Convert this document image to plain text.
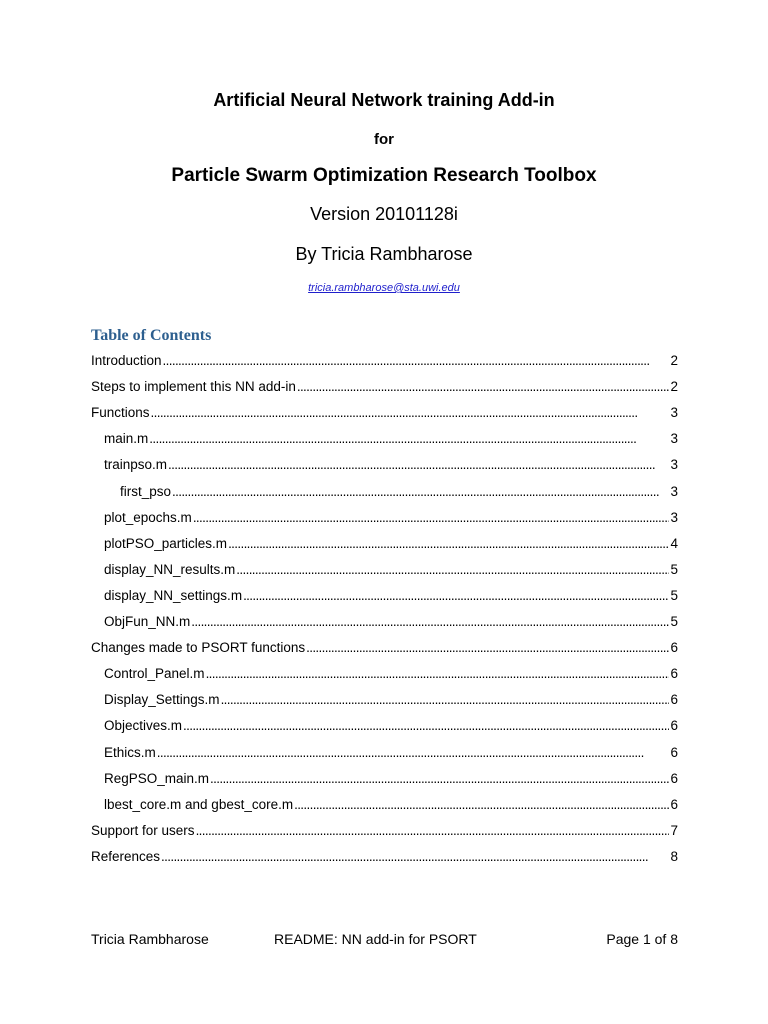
Artificial Neural Network training Add-in
for
Particle Swarm Optimization Research Toolbox
Version 20101128i
By Tricia Rambharose
tricia.rambharose@sta.uwi.edu
Table of Contents
Introduction . . .	2
Steps to implement this NN add-in . . .	2
Functions . . .	3
main.m . . .	3
trainpso.m . . .	3
first_pso . . .	3
plot_epochs.m . . .	3
plotPSO_particles.m . . .	4
display_NN_results.m . . .	5
display_NN_settings.m . . .	5
ObjFun_NN.m . . .	5
Changes made to PSORT functions . . .	6
Control_Panel.m . . .	6
Display_Settings.m . . .	6
Objectives.m . . .	6
Ethics.m . . .	6
RegPSO_main.m . . .	6
lbest_core.m and gbest_core.m . . .	6
Support for users . . .	7
References . . .	8
Tricia Rambharose	README: NN add-in for PSORT	Page 1 of 8
